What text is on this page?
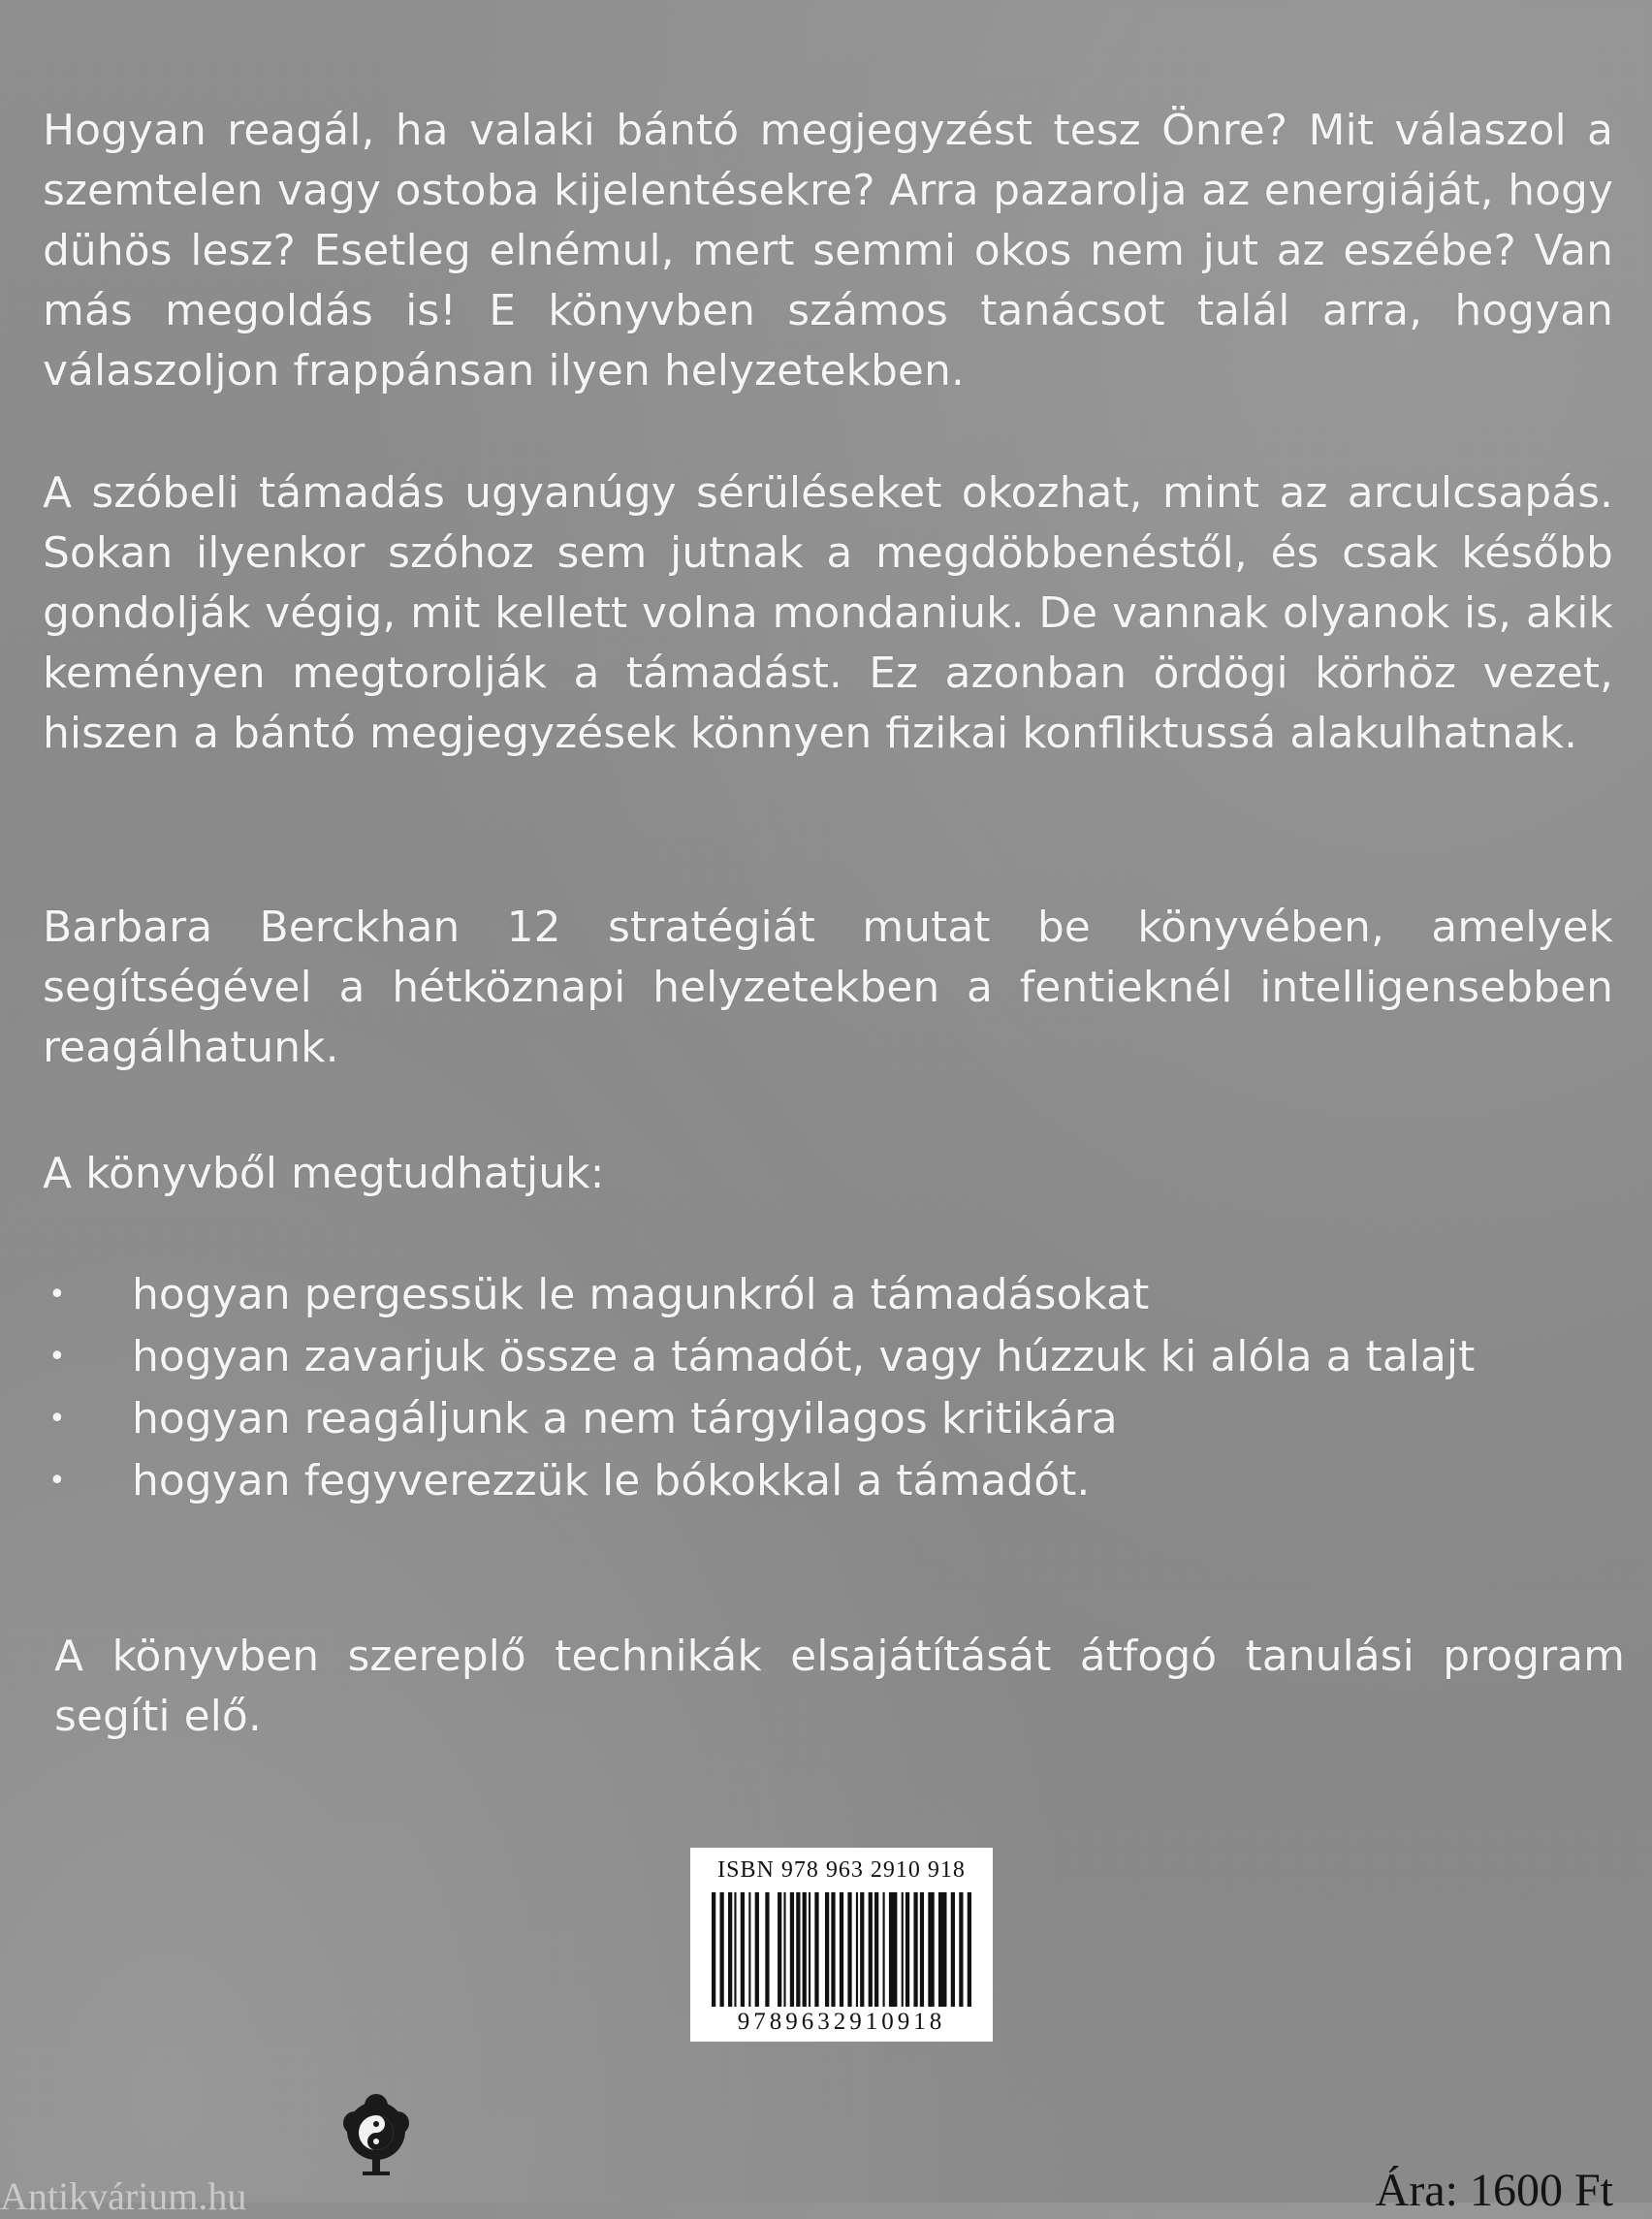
Hogyan reagál, ha valaki bántó megjegyzést tesz Önre? Mit válaszol a szemtelen vagy ostoba kijelentésekre? Arra pazarolja az energiáját, hogy dühös lesz? Esetleg elnémul, mert semmi okos nem jut az eszébe? Van más megoldás is! E könyvben számos tanácsot talál arra, hogyan válaszoljon frappánsan ilyen helyzetekben.
A szóbeli támadás ugyanúgy sérüléseket okozhat, mint az arculcsapás. Sokan ilyenkor szóhoz sem jutnak a megdöbbenéstől, és csak később gondolják végig, mit kellett volna mondaniuk. De vannak olyanok is, akik keményen megtorolják a támadást. Ez azonban ördögi körhöz vezet, hiszen a bántó megjegyzések könnyen fizikai konfliktussá alakulhatnak.
Barbara Berckhan 12 stratégiát mutat be könyvében, amelyek segítségével a hétköznapi helyzetekben a fentieknél intelligensebben reagálhatunk.
A könyvből megtudhatjuk:
• hogyan pergessük le magunkról a támadásokat
• hogyan zavarjuk össze a támadót, vagy húzzuk ki alóla a talajt
• hogyan reagáljunk a nem tárgyilagos kritikára
• hogyan fegyverezzük le bókokkal a támadót.
A könyvben szereplő technikák elsajátítását átfogó tanulási program segíti elő.
ISBN 978 963 2910 918
9789632910918
Antikvárium.hu	Ára: 1600 Ft
